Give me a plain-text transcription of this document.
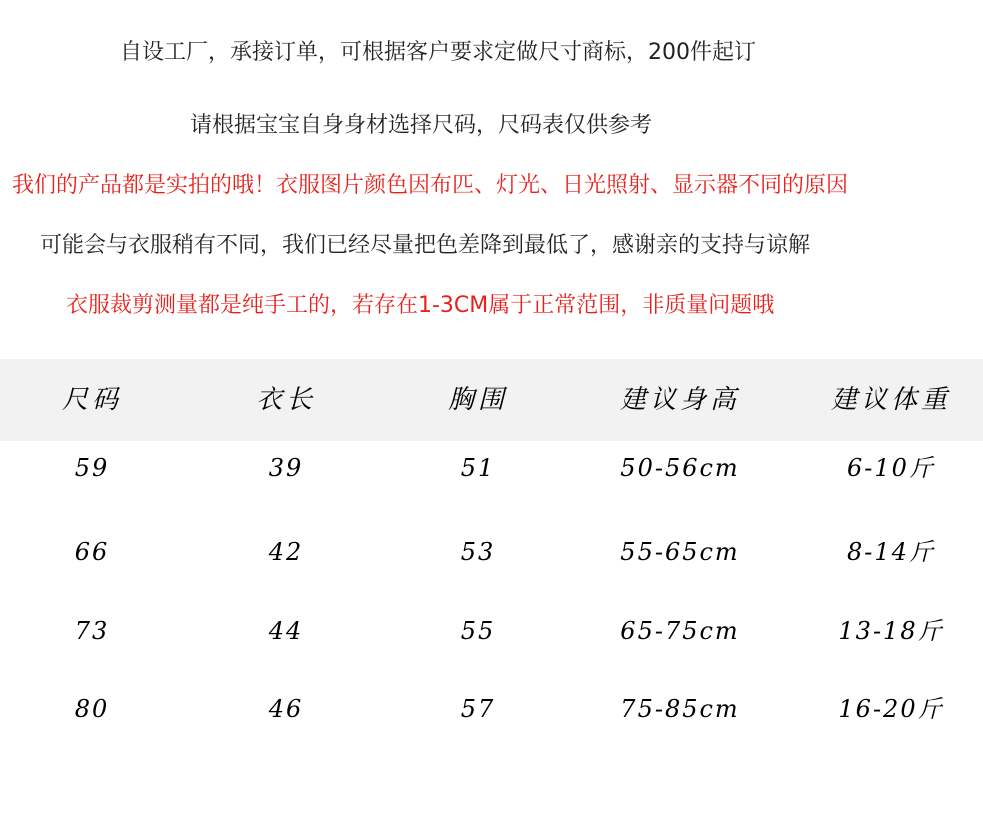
自设工厂，承接订单，可根据客户要求定做尺寸商标，200件起订
请根据宝宝自身身材选择尺码，尺码表仅供参考
我们的产品都是实拍的哦！衣服图片颜色因布匹、灯光、日光照射、显示器不同的原因
可能会与衣服稍有不同，我们已经尽量把色差降到最低了，感谢亲的支持与谅解
衣服裁剪测量都是纯手工的，若存在1-3CM属于正常范围，非质量问题哦
尺码	衣长	胸围	建议身高	建议体重
59	39	51	50-56cm	6-10斤
66	42	53	55-65cm	8-14斤
73	44	55	65-75cm	13-18斤
80	46	57	75-85cm	16-20斤
